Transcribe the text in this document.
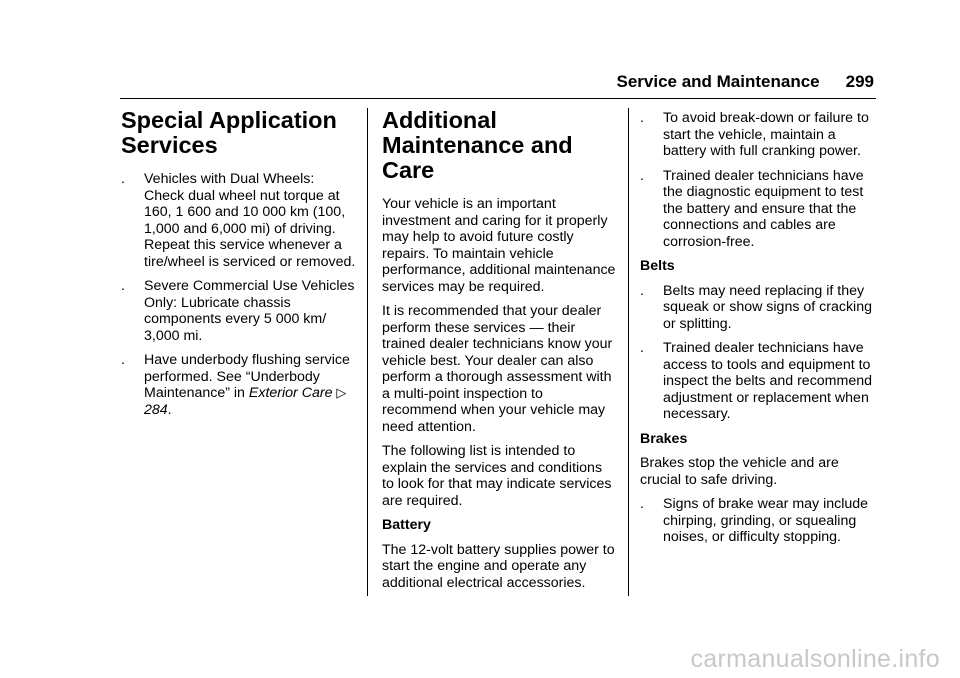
Service and Maintenance 299
Special Application Services
. Vehicles with Dual Wheels: Check dual wheel nut torque at 160, 1 600 and 10 000 km (100, 1,000 and 6,000 mi) of driving. Repeat this service whenever a tire/wheel is serviced or removed.
. Severe Commercial Use Vehicles Only: Lubricate chassis components every 5 000 km/ 3,000 mi.
. Have underbody flushing service performed. See “Underbody Maintenance” in Exterior Care ▷ 284.
Additional Maintenance and Care

Your vehicle is an important investment and caring for it properly may help to avoid future costly repairs. To maintain vehicle performance, additional maintenance services may be required.

It is recommended that your dealer perform these services — their trained dealer technicians know your vehicle best. Your dealer can also perform a thorough assessment with a multi-point inspection to recommend when your vehicle may need attention.

The following list is intended to explain the services and conditions to look for that may indicate services are required.

Battery

The 12-volt battery supplies power to start the engine and operate any additional electrical accessories.

. To avoid break-down or failure to start the vehicle, maintain a battery with full cranking power.
. Trained dealer technicians have the diagnostic equipment to test the battery and ensure that the connections and cables are corrosion-free.
Belts
. Belts may need replacing if they squeak or show signs of cracking or splitting.
. Trained dealer technicians have access to tools and equipment to inspect the belts and recommend adjustment or replacement when necessary.
Brakes

Brakes stop the vehicle and are crucial to safe driving.

. Signs of brake wear may include chirping, grinding, or squealing noises, or difficulty stopping.
carmanualsonline.info
